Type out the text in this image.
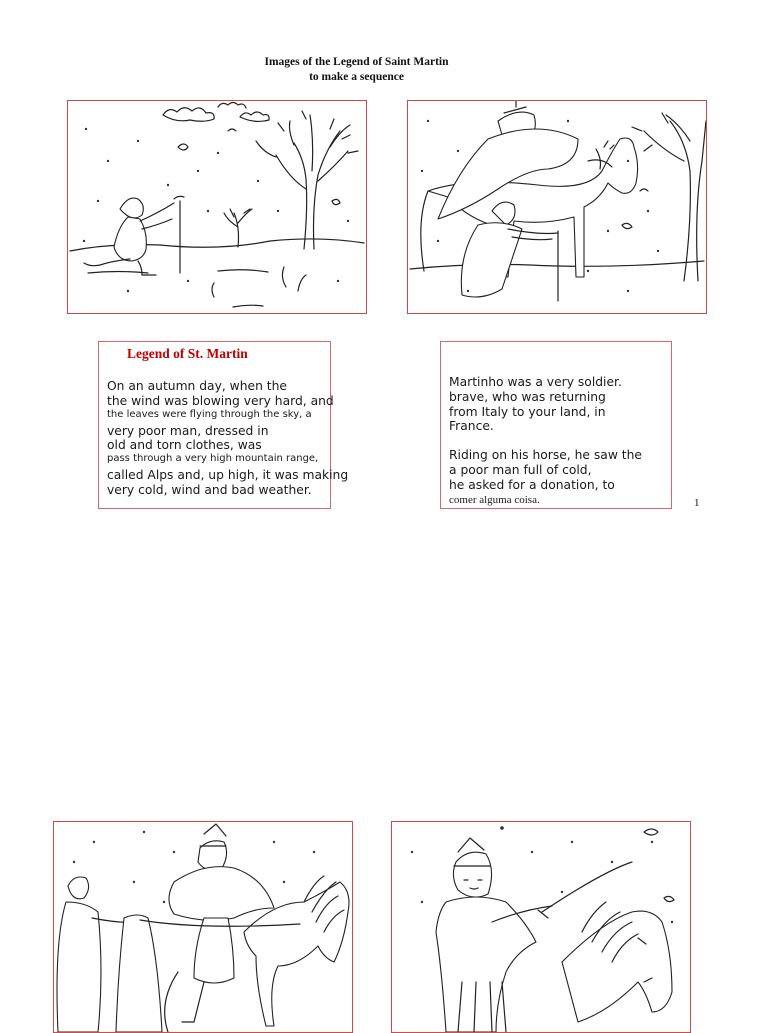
Images of the Legend of Saint Martin
to make a sequence
Legend of St. Martin
On an autumn day, when the
the wind was blowing very hard, and
the leaves were flying through the sky, a
very poor man, dressed in
old and torn clothes, was
pass through a very high mountain range,
called Alps and, up high, it was making
very cold, wind and bad weather.
Martinho was a very soldier.
brave, who was returning
from Italy to your land, in
France.
Riding on his horse, he saw the
a poor man full of cold,
he asked for a donation, to
comer alguma coisa.	1
